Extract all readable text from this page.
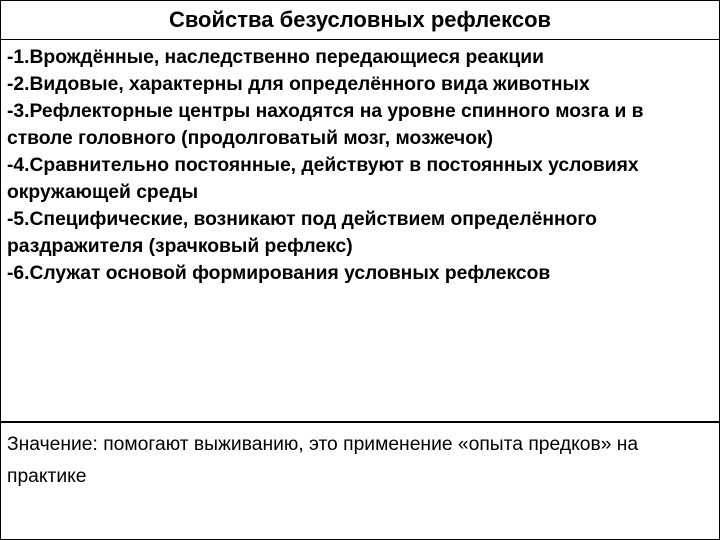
Свойства безусловных рефлексов

-1.Врождённые, наследственно передающиеся реакции

-2.Видовые, характерны для определённого вида животных

-3.Рефлекторные центры находятся на уровне спинного мозга и в стволе головного (продолговатый мозг, мозжечок)

-4.Сравнительно постоянные, действуют в постоянных условиях окружающей среды

-5.Специфические, возникают под действием определённого раздражителя (зрачковый рефлекс)

-6.Служат основой формирования условных рефлексов

Значение: помогают выживанию, это применение «опыта предков» на практике
